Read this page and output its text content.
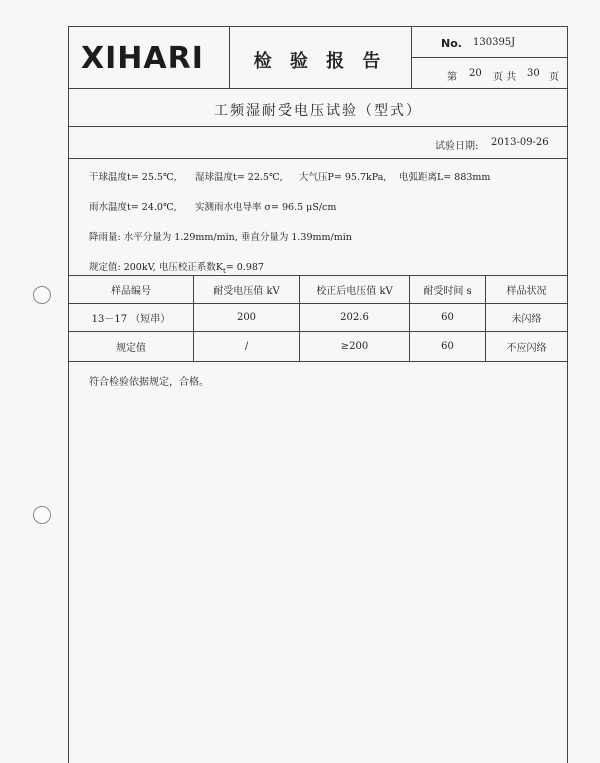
XIHARI	检 验 报 告
No. 130395J
第 20 页 共 30 页
工频湿耐受电压试验（型式）
试验日期: 2013-09-26
干球温度t= 25.5℃, 湿球温度t= 22.5℃, 大气压P= 95.7kPa, 电弧距离L= 883mm
雨水温度t= 24.0℃, 实测雨水电导率 σ= 96.5 μS/cm
降雨量: 水平分量为 1.29mm/min, 垂直分量为 1.39mm/min
规定值: 200kV, 电压校正系数$K_t= 0.987$
样品编号	耐受电压值 kV	校正后电压值 kV	耐受时间 s	样品状况
13－17 （短串）	200	202.6	60	未闪络
规定值	/	≥200	60	不应闪络
符合检验依据规定，合格。
